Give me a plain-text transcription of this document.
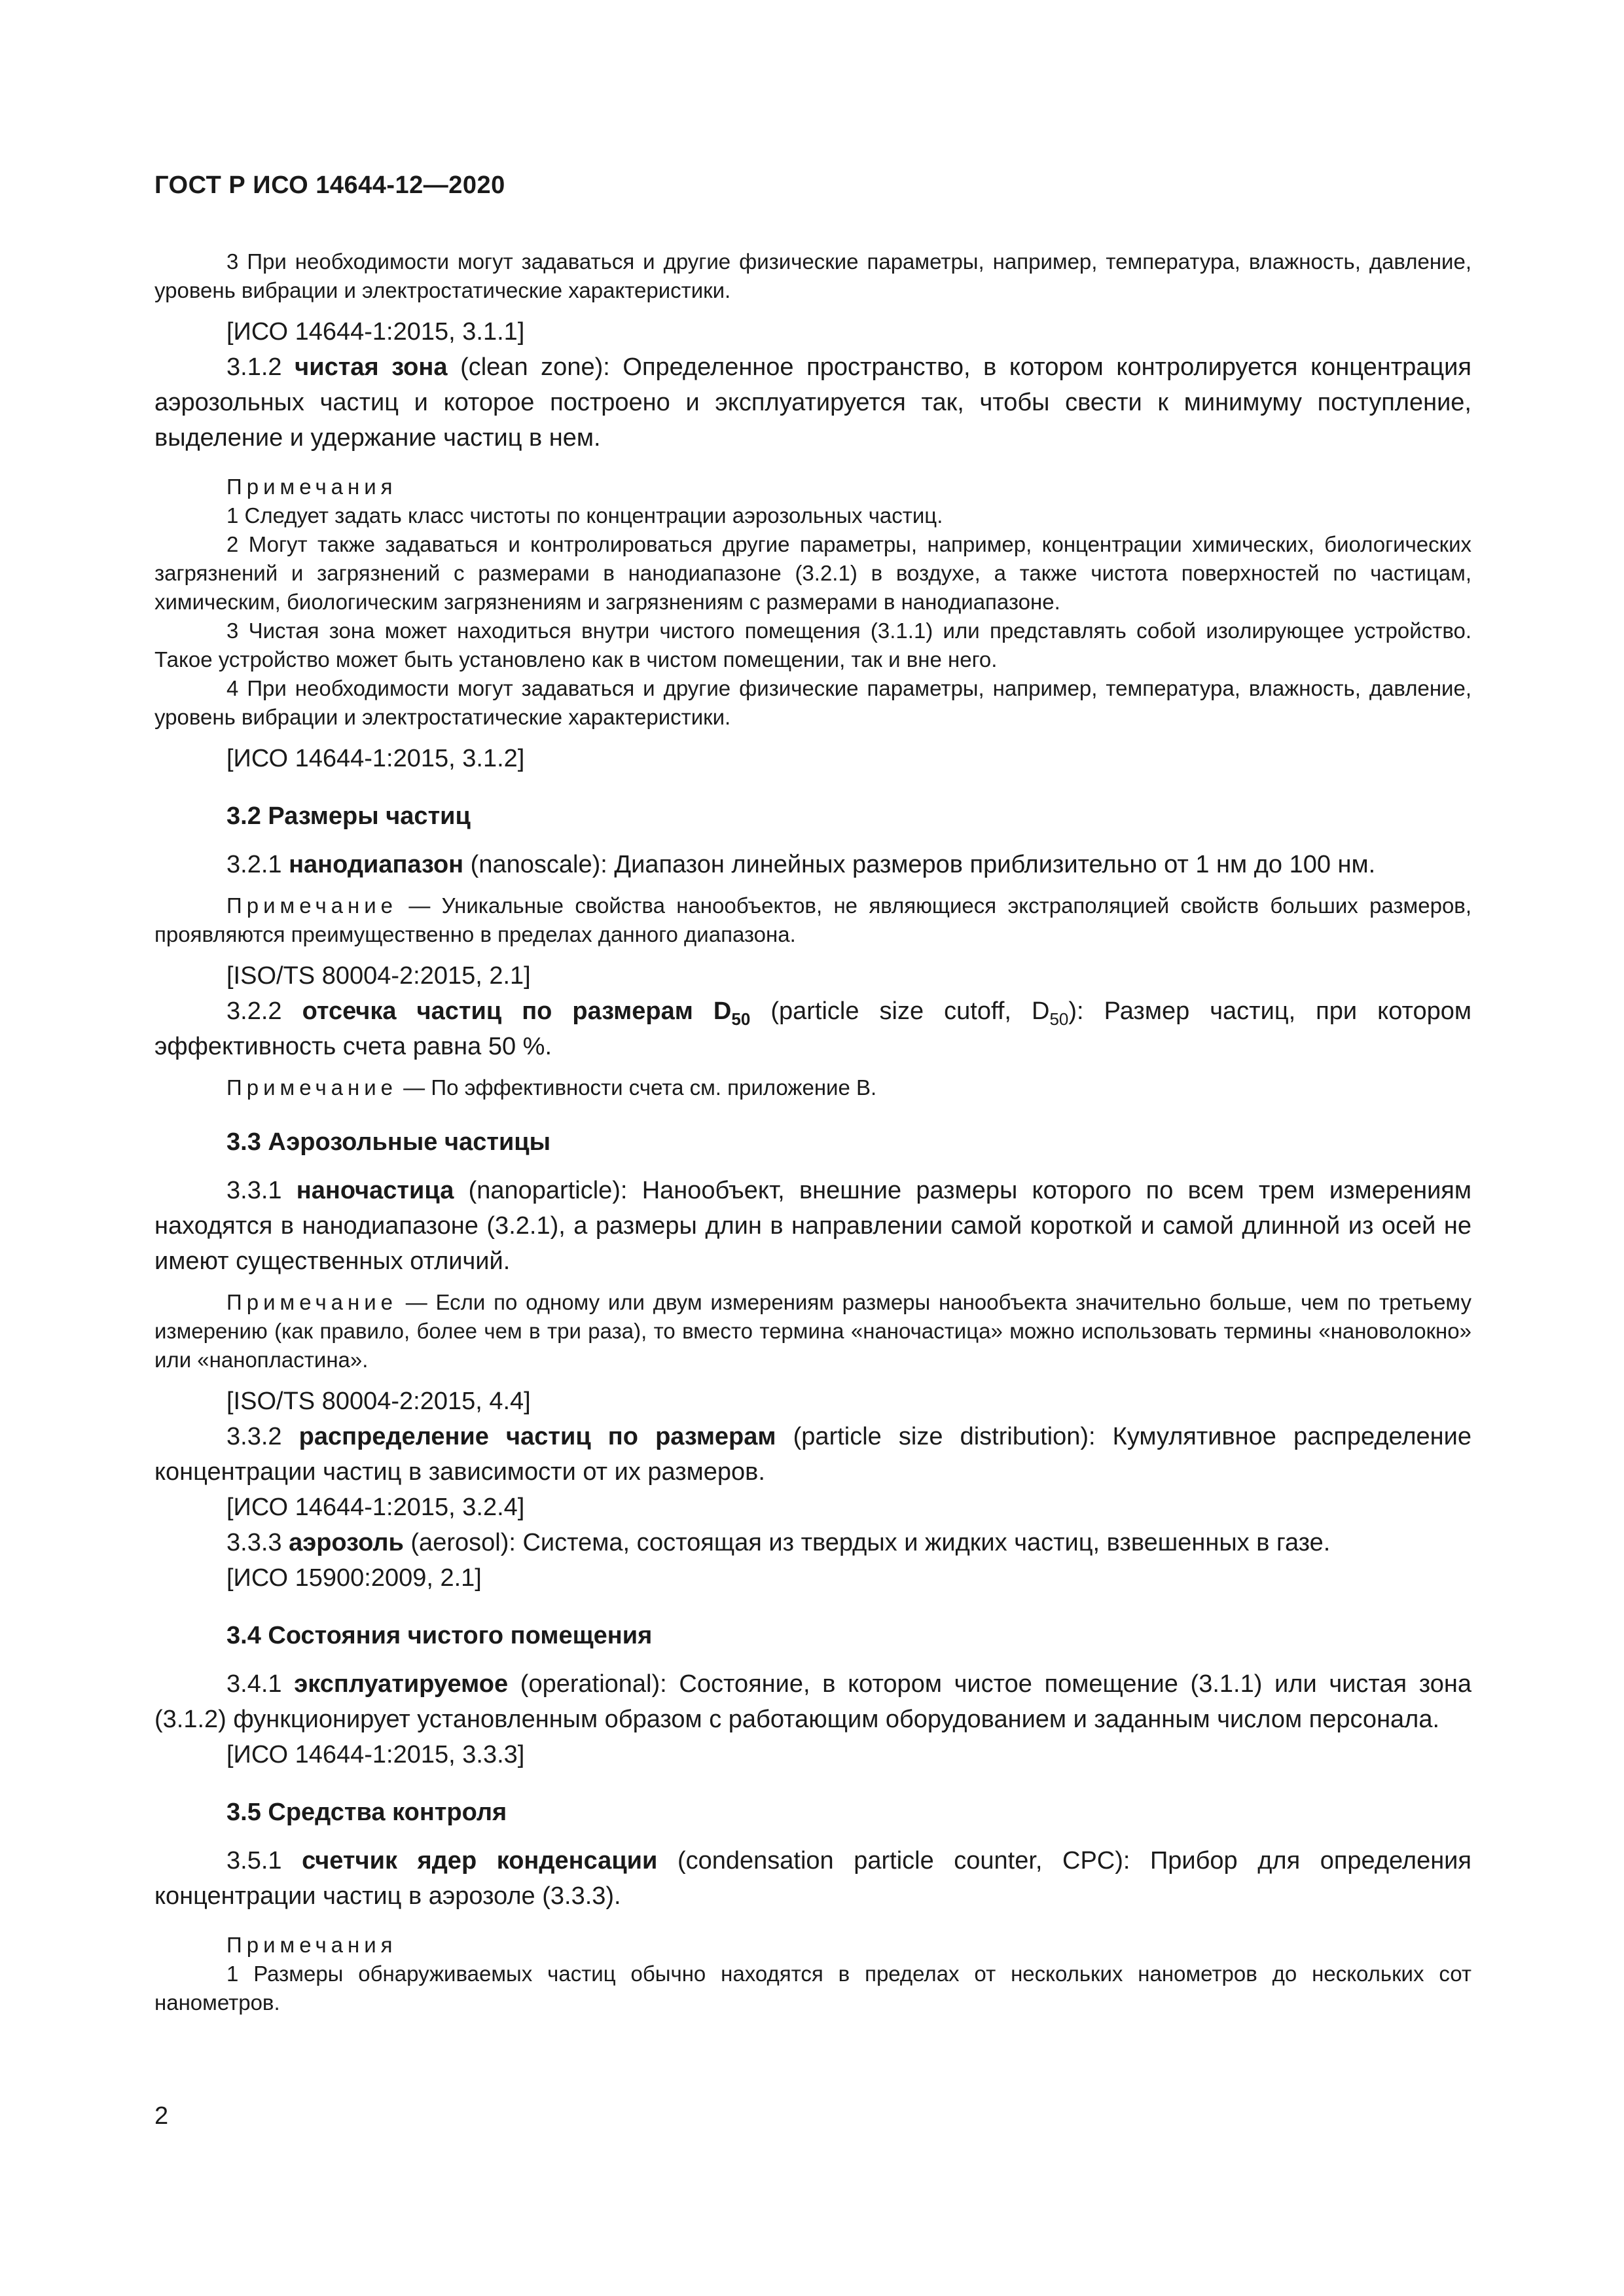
ГОСТ Р ИСО 14644-12—2020

3 При необходимости могут задаваться и другие физические параметры, например, температура, влажность, давление, уровень вибрации и электростатические характеристики.

[ИСО 14644-1:2015, 3.1.1]

3.1.2 чистая зона (clean zone): Определенное пространство, в котором контролируется концентрация аэрозольных частиц и которое построено и эксплуатируется так, чтобы свести к минимуму поступление, выделение и удержание частиц в нем.

Примечания

1 Следует задать класс чистоты по концентрации аэрозольных частиц.

2 Могут также задаваться и контролироваться другие параметры, например, концентрации химических, биологических загрязнений и загрязнений с размерами в нанодиапазоне (3.2.1) в воздухе, а также чистота поверхностей по частицам, химическим, биологическим загрязнениям и загрязнениям с размерами в нанодиапазоне.

3 Чистая зона может находиться внутри чистого помещения (3.1.1) или представлять собой изолирующее устройство. Такое устройство может быть установлено как в чистом помещении, так и вне него.

4 При необходимости могут задаваться и другие физические параметры, например, температура, влажность, давление, уровень вибрации и электростатические характеристики.

[ИСО 14644-1:2015, 3.1.2]

3.2 Размеры частиц

3.2.1 нанодиапазон (nanoscale): Диапазон линейных размеров приблизительно от 1 нм до 100 нм.

Примечание — Уникальные свойства нанообъектов, не являющиеся экстраполяцией свойств больших размеров, проявляются преимущественно в пределах данного диапазона.

[ISO/TS 80004-2:2015, 2.1]

3.2.2 отсечка частиц по размерам $D_{50}$ (particle size cutoff, $D_{50}$): Размер частиц, при котором эффективность счета равна 50 %.

Примечание — По эффективности счета см. приложение В.

3.3 Аэрозольные частицы

3.3.1 наночастица (nanoparticle): Нанообъект, внешние размеры которого по всем трем измерениям находятся в нанодиапазоне (3.2.1), а размеры длин в направлении самой короткой и самой длинной из осей не имеют существенных отличий.

Примечание — Если по одному или двум измерениям размеры нанообъекта значительно больше, чем по третьему измерению (как правило, более чем в три раза), то вместо термина «наночастица» можно использовать термины «нановолокно» или «нанопластина».

[ISO/TS 80004-2:2015, 4.4]

3.3.2 распределение частиц по размерам (particle size distribution): Кумулятивное распределение концентрации частиц в зависимости от их размеров.

[ИСО 14644-1:2015, 3.2.4]

3.3.3 аэрозоль (aerosol): Система, состоящая из твердых и жидких частиц, взвешенных в газе.

[ИСО 15900:2009, 2.1]

3.4 Состояния чистого помещения

3.4.1 эксплуатируемое (operational): Состояние, в котором чистое помещение (3.1.1) или чистая зона (3.1.2) функционирует установленным образом с работающим оборудованием и заданным числом персонала.

[ИСО 14644-1:2015, 3.3.3]

3.5 Средства контроля

3.5.1 счетчик ядер конденсации (condensation particle counter, CPC): Прибор для определения концентрации частиц в аэрозоле (3.3.3).

Примечания

1 Размеры обнаруживаемых частиц обычно находятся в пределах от нескольких нанометров до нескольких сот нанометров.

2
